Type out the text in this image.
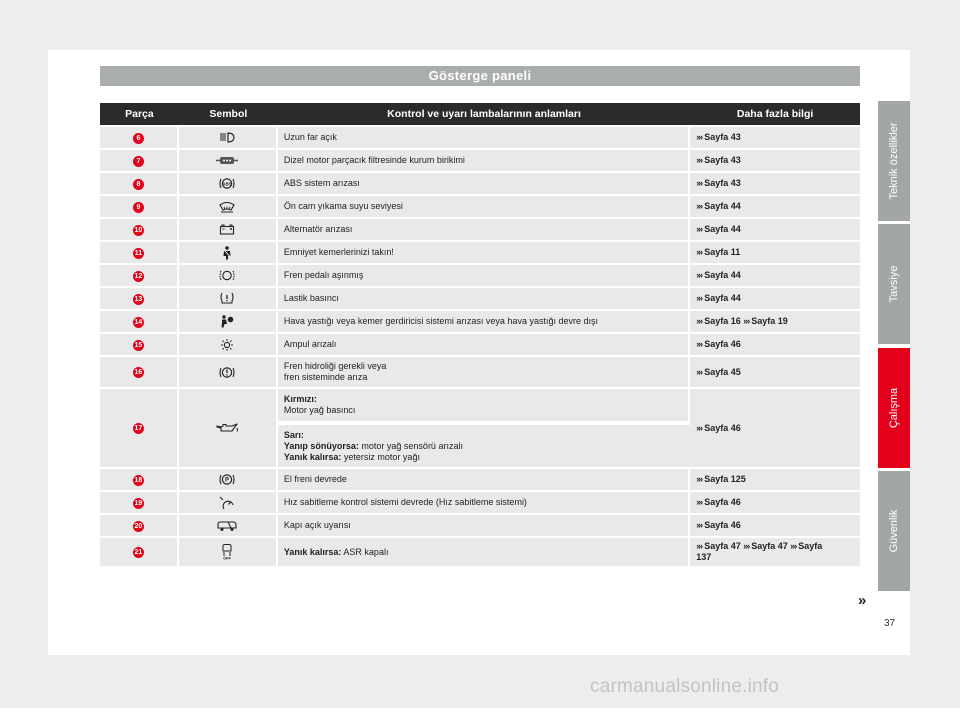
Gösterge paneli
Parça	Sembol	Kontrol ve uyarı lambalarının anlamları	Daha fazla bilgi
6		Uzun far açık	››› Sayfa 43
7		Dizel motor parçacık filtresinde kurum birikimi	››› Sayfa 43
8	ABS	ABS sistem arızası	››› Sayfa 43
9		Ön cam yıkama suyu seviyesi	››› Sayfa 44
10		Alternatör arızası	››› Sayfa 44
11		Emniyet kemerlerinizi takın!	››› Sayfa 11
12		Fren pedalı aşınmış	››› Sayfa 44
13		Lastik basıncı	››› Sayfa 44
14		Hava yastığı veya kemer gerdiricisi sistemi arızası veya hava yastığı devre dışı	››› Sayfa 16 ››› Sayfa 19
15		Ampul arızalı	››› Sayfa 46
16		Fren hidroliği gerekli veya
fren sisteminde arıza	››› Sayfa 45
17		Kırmızı:
Motor yağ basıncı	››› Sayfa 46
		Sarı:
Yanıp sönüyorsa: motor yağ sensörü arızalı
Yanık kalırsa: yetersiz motor yağı	
18	P	El freni devrede	››› Sayfa 125
19		Hız sabitleme kontrol sistemi devrede (Hız sabitleme sistemi)	››› Sayfa 46
20		Kapı açık uyarısı	››› Sayfa 46
21	OFF	Yanık kalırsa: ASR kapalı	››› Sayfa 47 ››› Sayfa 47 ››› Sayfa
137
»
Teknik özellikler
Tavsiye
Çalışma
Güvenlik
37
carmanualsonline.info
